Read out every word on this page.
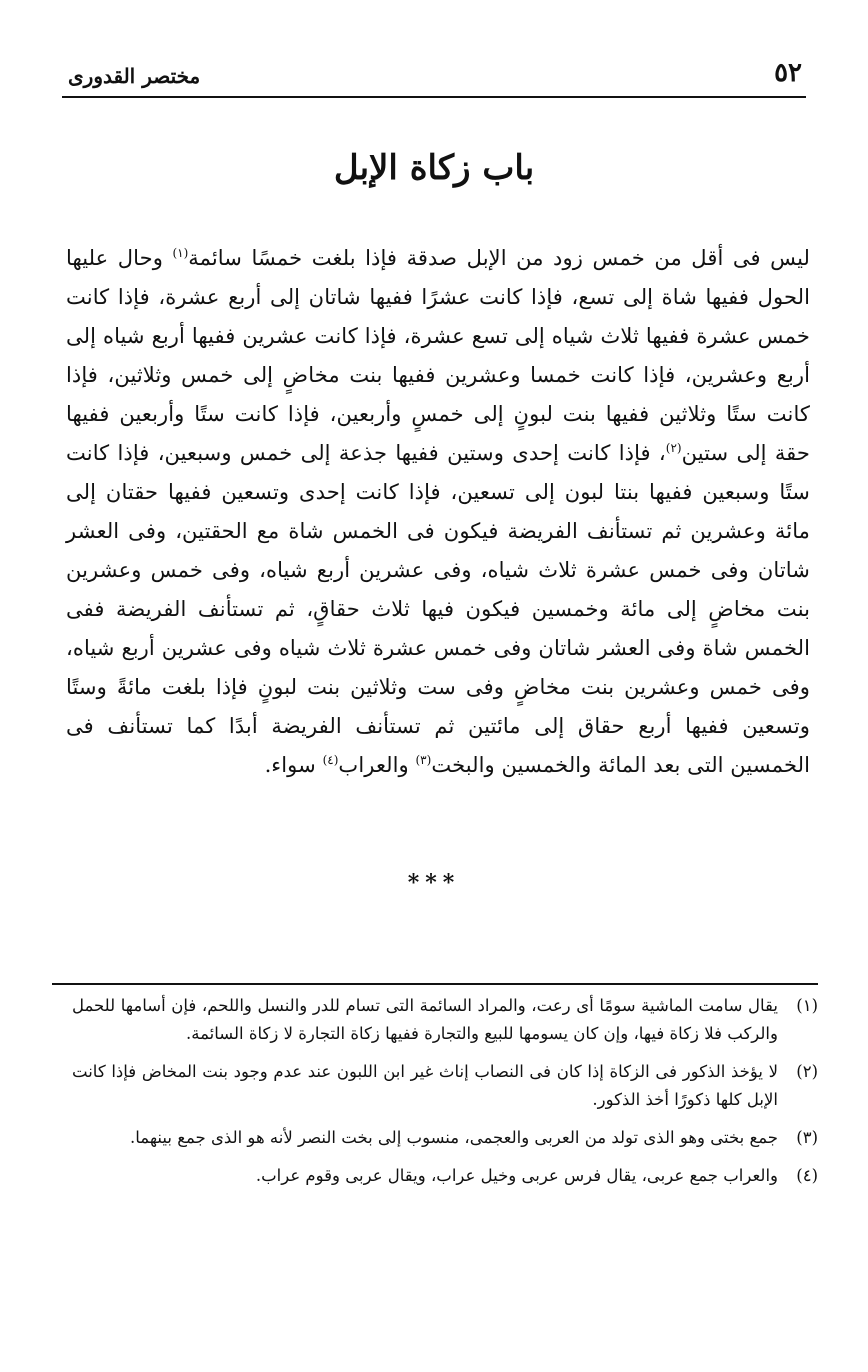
٥٢
مختصر القدورى
باب زكاة الإبل

ليس فى أقل من خمس زود من الإبل صدقة فإذا بلغت خمسًا سائمة$^{(١)}$ وحال عليها الحول ففيها شاة إلى تسع، فإذا كانت عشرًا ففيها شاتان إلى أربع عشرة، فإذا كانت خمس عشرة ففيها ثلاث شياه إلى تسع عشرة، فإذا كانت عشرين ففيها أربع شياه إلى أربع وعشرين، فإذا كانت خمسا وعشرين ففيها بنت مخاضٍ إلى خمس وثلاثين، فإذا كانت ستًا وثلاثين ففيها بنت لبونٍ إلى خمسٍ وأربعين، فإذا كانت ستًا وأربعين ففيها حقة إلى ستين$^{(٢)}$، فإذا كانت إحدى وستين ففيها جذعة إلى خمس وسبعين، فإذا كانت ستًا وسبعين ففيها بنتا لبون إلى تسعين، فإذا كانت إحدى وتسعين ففيها حقتان إلى مائة وعشرين ثم تستأنف الفريضة فيكون فى الخمس شاة مع الحقتين، وفى العشر شاتان وفى خمس عشرة ثلاث شياه، وفى عشرين أربع شياه، وفى خمس وعشرين بنت مخاضٍ إلى مائة وخمسين فيكون فيها ثلاث حقاقٍ، ثم تستأنف الفريضة ففى الخمس شاة وفى العشر شاتان وفى خمس عشرة ثلاث شياه وفى عشرين أربع شياه، وفى خمس وعشرين بنت مخاضٍ وفى ست وثلاثين بنت لبونٍ فإذا بلغت مائةً وستًا وتسعين ففيها أربع حقاق إلى مائتين ثم تستأنف الفريضة أبدًا كما تستأنف فى الخمسين التى بعد المائة والخمسين والبخت$^{(٣)}$ والعراب$^{(٤)}$ سواء.

***
(١)
يقال سامت الماشية سومًا أى رعت، والمراد السائمة التى تسام للدر والنسل واللحم، فإن أسامها للحمل والركب فلا زكاة فيها، وإن كان يسومها للبيع والتجارة ففيها زكاة التجارة لا زكاة السائمة.
(٢)
لا يؤخذ الذكور فى الزكاة إذا كان فى النصاب إناث غير ابن اللبون عند عدم وجود بنت المخاض فإذا كانت الإبل كلها ذكورًا أخذ الذكور.
(٣)
جمع بختى وهو الذى تولد من العربى والعجمى، منسوب إلى بخت النصر لأنه هو الذى جمع بينهما.
(٤)
والعراب جمع عربى، يقال فرس عربى وخيل عراب، ويقال عربى وقوم عراب.
